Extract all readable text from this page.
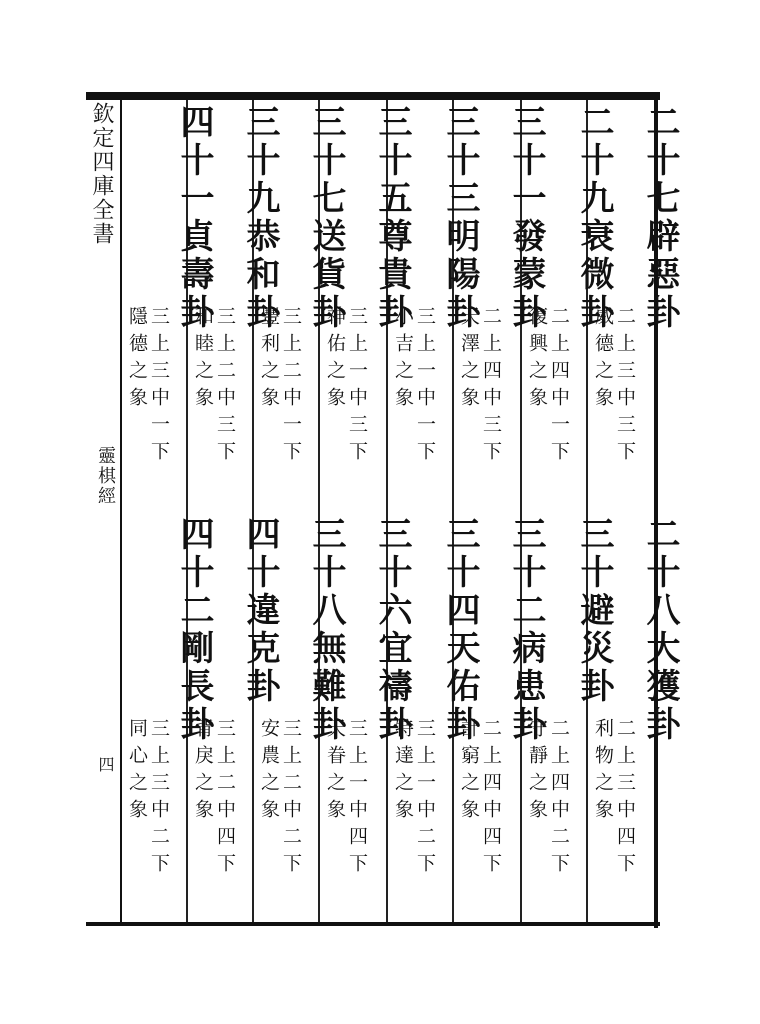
欽定四庫全書
靈棋經
四
二十七辟惡卦
二上三中三下
威德之象
二十九衰微卦
二上四中一下
復興之象
三十一發蒙卦
二上四中三下
天澤之象
三十三明陽卦
三上一中一下
小吉之象
三十五尊貴卦
三上一中三下
神佑之象
三十七送貨卦
三上二中一下
豐利之象
三十九恭和卦
三上二中三下
和睦之象
四十一貞壽卦
三上三中一下
隱德之象
二十八大獲卦
二上三中四下
利物之象
三十避災卦
二上四中二下
守靜之象
三十二病患卦
二上四中四下
計窮之象
三十四天佑卦
三上一中二下
特達之象
三十六宜禱卦
三上一中四下
天眷之象
三十八無難卦
三上二中二下
安農之象
四十違克卦
三上二中四下
背戾之象
四十二剛長卦
三上三中二下
同心之象
